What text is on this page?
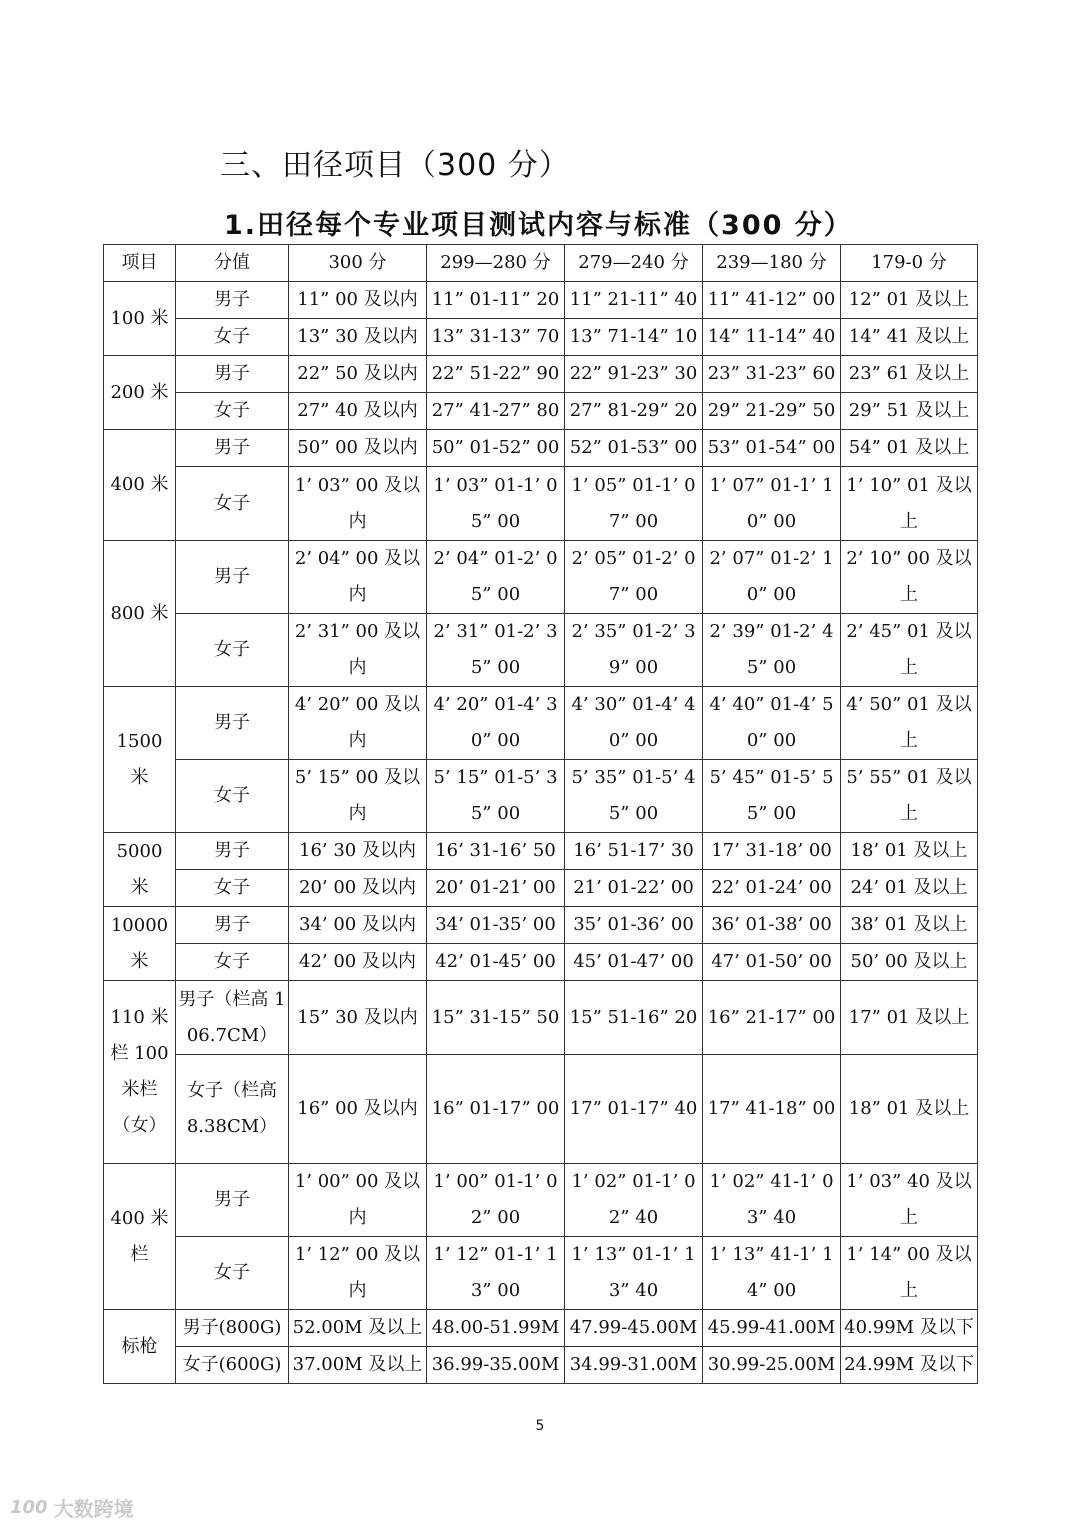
三、田径项目（300 分）
1.田径每个专业项目测试内容与标准（300 分）
项目	分值	300 分	299—280 分	279—240 分	239—180 分	179-0 分
100 米	男子	11” 00 及以内	11” 01-11” 20	11” 21-11” 40	11” 41-12” 00	12” 01 及以上
	女子	13” 30 及以内	13” 31-13” 70	13” 71-14” 10	14” 11-14” 40	14” 41 及以上
200 米	男子	22” 50 及以内	22” 51-22” 90	22” 91-23” 30	23” 31-23” 60	23” 61 及以上
	女子	27” 40 及以内	27” 41-27” 80	27” 81-29” 20	29” 21-29” 50	29” 51 及以上
400 米	男子	50” 00 及以内	50” 01-52” 00	52” 01-53” 00	53” 01-54” 00	54” 01 及以上
	女子	1’ 03” 00 及以内	1’ 03” 01-1’ 05” 00	1’ 05” 01-1’ 07” 00	1’ 07” 01-1’ 10” 00	1’ 10” 01 及以上
800 米	男子	2’ 04” 00 及以内	2’ 04” 01-2’ 05” 00	2’ 05” 01-2’ 07” 00	2’ 07” 01-2’ 10” 00	2’ 10” 00 及以上
	女子	2’ 31” 00 及以内	2’ 31” 01-2’ 35” 00	2’ 35” 01-2’ 39” 00	2’ 39” 01-2’ 45” 00	2’ 45” 01 及以上
1500 米	男子	4’ 20” 00 及以内	4’ 20” 01-4’ 30” 00	4’ 30” 01-4’ 40” 00	4’ 40” 01-4’ 50” 00	4’ 50” 01 及以上
	女子	5’ 15” 00 及以内	5’ 15” 01-5’ 35” 00	5’ 35” 01-5’ 45” 00	5’ 45” 01-5’ 55” 00	5’ 55” 01 及以上
5000 米	男子	16’ 30 及以内	16’ 31-16’ 50	16’ 51-17’ 30	17’ 31-18’ 00	18’ 01 及以上
	女子	20’ 00 及以内	20’ 01-21’ 00	21’ 01-22’ 00	22’ 01-24’ 00	24’ 01 及以上
10000 米	男子	34’ 00 及以内	34’ 01-35’ 00	35’ 01-36’ 00	36’ 01-38’ 00	38’ 01 及以上
	女子	42’ 00 及以内	42’ 01-45’ 00	45’ 01-47’ 00	47’ 01-50’ 00	50’ 00 及以上
110 米栏 100 米栏（女）	男子（栏高 106.7CM）	15” 30 及以内	15” 31-15” 50	15” 51-16” 20	16” 21-17” 00	17” 01 及以上
	女子（栏高 8.38CM）	16” 00 及以内	16” 01-17” 00	17” 01-17” 40	17” 41-18” 00	18” 01 及以上
400 米栏	男子	1’ 00” 00 及以内	1’ 00” 01-1’ 02” 00	1’ 02” 01-1’ 02” 40	1’ 02” 41-1’ 03” 40	1’ 03” 40 及以上
	女子	1’ 12” 00 及以内	1’ 12” 01-1’ 13” 00	1’ 13” 01-1’ 13” 40	1’ 13” 41-1’ 14” 00	1’ 14” 00 及以上
标枪	男子(800G)	52.00M 及以上	48.00-51.99M	47.99-45.00M	45.99-41.00M	40.99M 及以下
	女子(600G)	37.00M 及以上	36.99-35.00M	34.99-31.00M	30.99-25.00M	24.99M 及以下
5
100 大数跨境
